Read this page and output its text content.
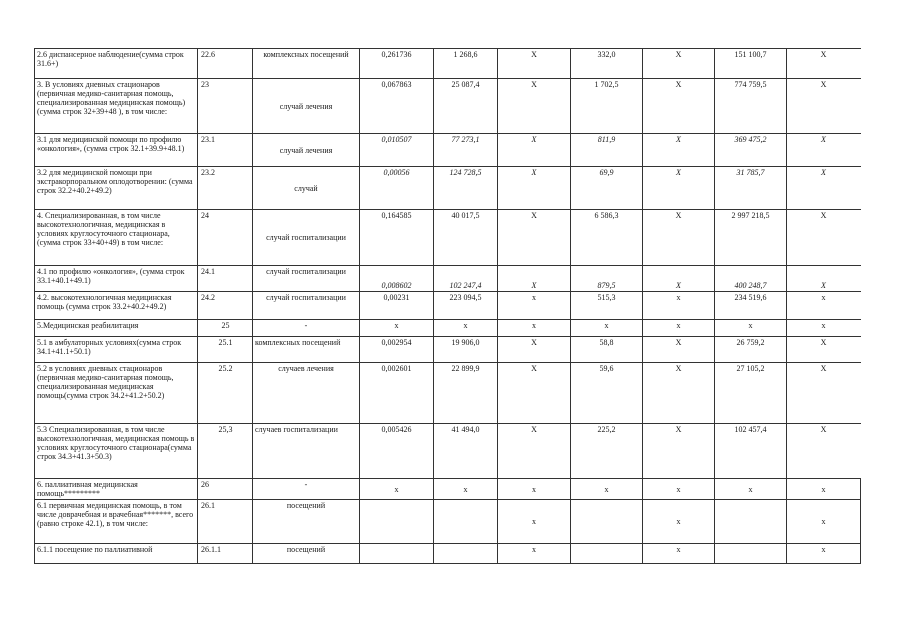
2.6 диспансерное наблюдение(сумма строк 31.6+)	22.6	комплексных посещений	0,261736	1 268,6	Х	332,0	Х	151 100,7	Х
3. В условиях дневных стационаров (первичная медико-санитарная помощь, специализированная медицинская помощь) (сумма строк 32+39+48 ), в том числе:	23	случай лечения	0,067863	25 087,4	Х	1 702,5	Х	774 759,5	Х
3.1 для медицинской помощи по профилю «онкология», (сумма строк 32.1+39.9+48.1)	23.1	случай лечения	0,010507	77 273,1	Х	811,9	Х	369 475,2	Х
3.2 для медицинской помощи при экстракорпоральном оплодотворении: (сумма строк 32.2+40.2+49.2)	23.2	случай	0,00056	124 728,5	Х	69,9	Х	31 785,7	Х
4. Специализированная, в том числе высокотехнологичная, медицинская в условиях круглосуточного стационара, (сумма строк 33+40+49) в том числе:	24	случай госпитализации	0,164585	40 017,5	Х	6 586,3	Х	2 997 218,5	Х
4.1 по профилю «онкология», (сумма строк 33.1+40.1+49.1)	24.1	случай госпитализации	0,008602	102 247,4	Х	879,5	Х	400 248,7	Х
4.2. высокотехнологичная медицинская помощь (сумма строк 33.2+40.2+49.2)	24.2	случай госпитализации	0,00231	223 094,5	х	515,3	х	234 519,6	х
5.Медицинская реабилитация	25	-	х	х	х	х	х	х	х
5.1 в амбулаторных условиях(сумма строк 34.1+41.1+50.1)	25.1	комплексных посещений	0,002954	19 906,0	Х	58,8	Х	26 759,2	Х
5.2 в условиях дневных стационаров (первичная медико-санитарная помощь, специализированная медицинская помощь(сумма строк 34.2+41.2+50.2)	25.2	случаев лечения	0,002601	22 899,9	Х	59,6	Х	27 105,2	Х
5.3 Специализированная, в том числе высокотехнологичная, медицинская помощь в условиях круглосуточного стационара(сумма строк 34.3+41.3+50.3)	25,3	случаев госпитализации	0,005426	41 494,0	Х	225,2	Х	102 457,4	Х
6. паллиативная медицинская помощь*********	26	-	х	х	х	х	х	х	х
6.1 первичная медицинская помощь, в том числе доврачебная и врачебная*******, всего (равно строке 42.1), в том числе:	26.1	посещений			х		х		х
6.1.1 посещение по паллиативной	26.1.1	посещений			х		х		х
